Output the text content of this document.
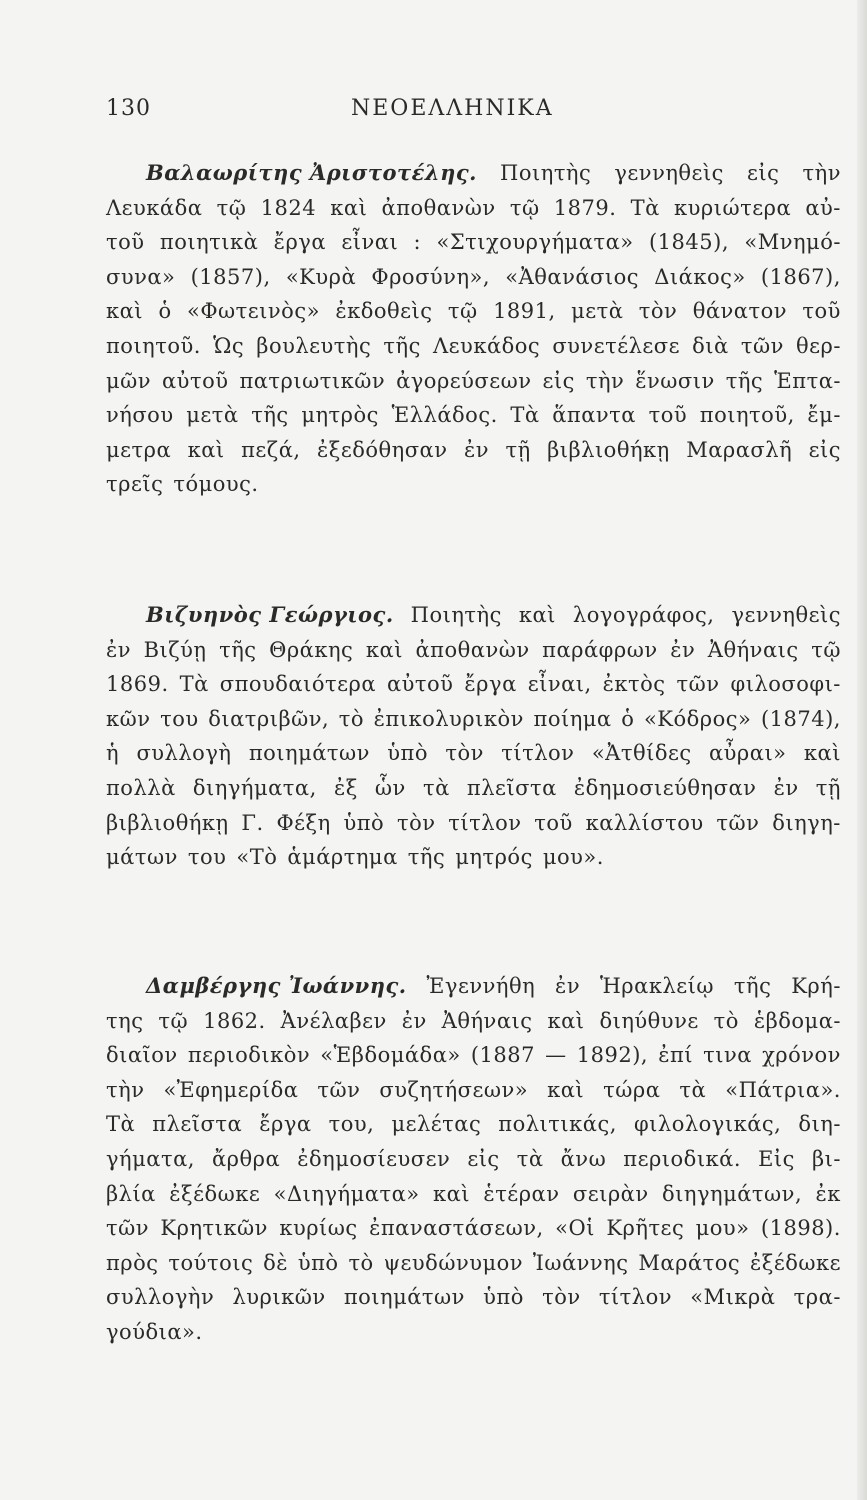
130	ΝΕΟΕΛΛΗΝΙΚΑ
Βαλαωρίτης Ἀριστοτέλης. Ποιητὴς γεννηθεὶς εἰς τὴν
Λευκάδα τῷ 1824 καὶ ἀποθανὼν τῷ 1879. Τὰ κυριώτερα αὐ-
τοῦ ποιητικὰ ἔργα εἶναι : «Στιχουργήματα» (1845), «Μνημό-
συνα» (1857), «Κυρὰ Φροσύνη», «Ἀθανάσιος Διάκος» (1867),
καὶ ὁ «Φωτεινὸς» ἐκδοθεὶς τῷ 1891, μετὰ τὸν θάνατον τοῦ
ποιητοῦ. Ὡς βουλευτὴς τῆς Λευκάδος συνετέλεσε διὰ τῶν θερ-
μῶν αὐτοῦ πατριωτικῶν ἀγορεύσεων εἰς τὴν ἕνωσιν τῆς Ἑπτα-
νήσου μετὰ τῆς μητρὸς Ἑλλάδος. Τὰ ἅπαντα τοῦ ποιητοῦ, ἔμ-
μετρα καὶ πεζά, ἐξεδόθησαν ἐν τῇ βιβλιοθήκῃ Μαρασλῆ εἰς
τρεῖς τόμους.
Βιζυηνὸς Γεώργιος. Ποιητὴς καὶ λογογράφος, γεννηθεὶς
ἐν Βιζύῃ τῆς Θράκης καὶ ἀποθανὼν παράφρων ἐν Ἀθήναις τῷ
1869. Τὰ σπουδαιότερα αὐτοῦ ἔργα εἶναι, ἐκτὸς τῶν φιλοσοφι-
κῶν του διατριβῶν, τὸ ἐπικολυρικὸν ποίημα ὁ «Κόδρος» (1874),
ἡ συλλογὴ ποιημάτων ὑπὸ τὸν τίτλον «Ἀτθίδες αὖραι» καὶ
πολλὰ διηγήματα, ἐξ ὧν τὰ πλεῖστα ἐδημοσιεύθησαν ἐν τῇ
βιβλιοθήκῃ Γ. Φέξη ὑπὸ τὸν τίτλον τοῦ καλλίστου τῶν διηγη-
μάτων του «Τὸ ἁμάρτημα τῆς μητρός μου».
Δαμβέργης Ἰωάννης. Ἐγεννήθη ἐν Ἡρακλείῳ τῆς Κρή-
της τῷ 1862. Ἀνέλαβεν ἐν Ἀθήναις καὶ διηύθυνε τὸ ἑβδομα-
διαῖον περιοδικὸν «Ἑβδομάδα» (1887 — 1892), ἐπί τινα χρόνον
τὴν «Ἐφημερίδα τῶν συζητήσεων» καὶ τώρα τὰ «Πάτρια».
Τὰ πλεῖστα ἔργα του, μελέτας πολιτικάς, φιλολογικάς, διη-
γήματα, ἄρθρα ἐδημοσίευσεν εἰς τὰ ἄνω περιοδικά. Εἰς βι-
βλία ἐξέδωκε «Διηγήματα» καὶ ἑτέραν σειρὰν διηγημάτων, ἐκ
τῶν Κρητικῶν κυρίως ἐπαναστάσεων, «Οἱ Κρῆτες μου» (1898).
πρὸς τούτοις δὲ ὑπὸ τὸ ψευδώνυμον Ἰωάννης Μαράτος ἐξέδωκε
συλλογὴν λυρικῶν ποιημάτων ὑπὸ τὸν τίτλον «Μικρὰ τρα-
γούδια».
